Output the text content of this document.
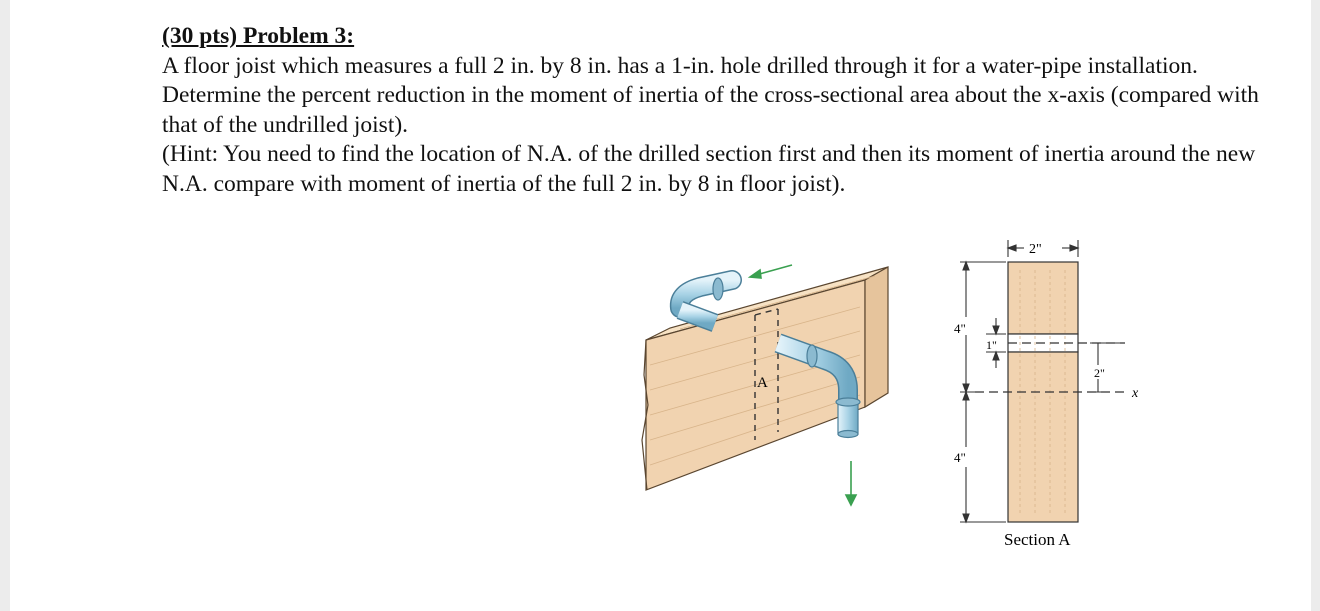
(30 pts) Problem 3:

A floor joist which measures a full 2 in. by 8 in. has a 1-in. hole drilled through it for a water-pipe installation. Determine the percent reduction in the moment of inertia of the cross-sectional area about the x-axis (compared with that of the undrilled joist).

(Hint: You need to find the location of N.A. of the drilled section first and then its moment of inertia around the new N.A. compare with moment of inertia of the full 2 in. by 8 in floor joist).

A
x
2"
4"
4"
1"
2"
Section A
